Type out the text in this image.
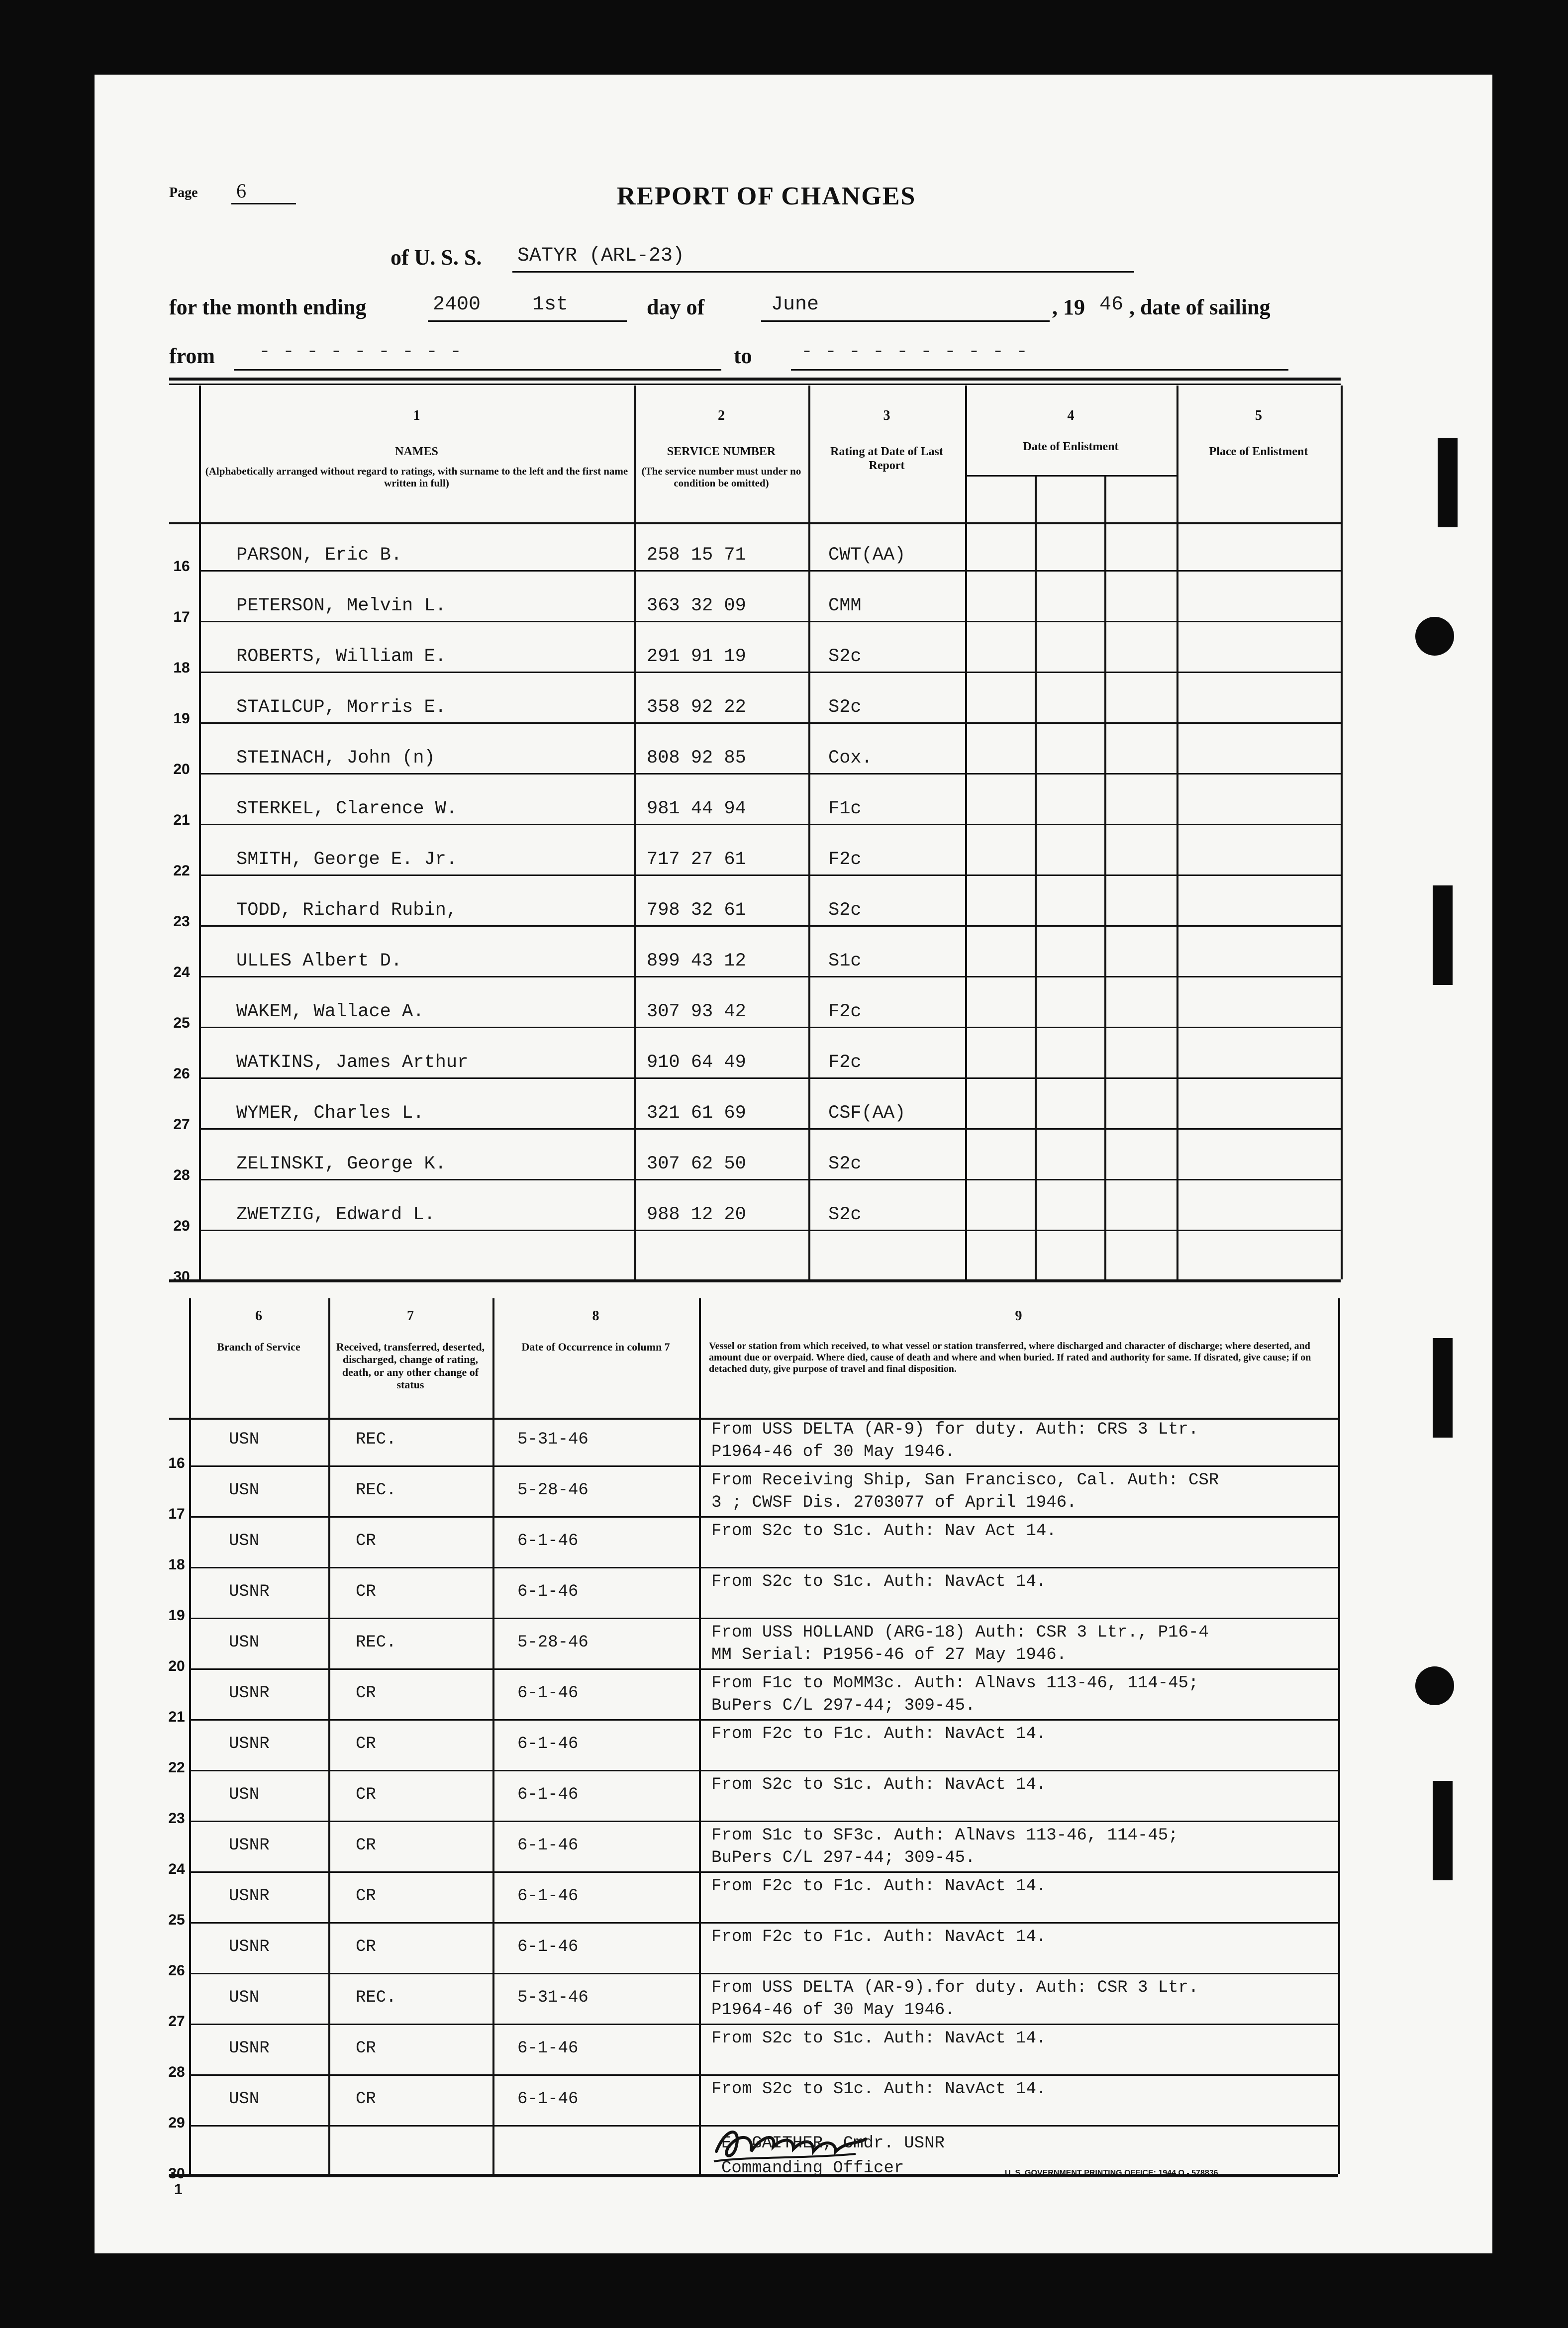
Page 6	REPORT OF CHANGES
of U. S. S. SATYR (ARL-23)
for the month ending	2400	1st	day of	June	, 19 46 , date of sailing
from - - - - - - - - -	to - - - - - - - - - -
1
NAMES
(Alphabetically arranged without regard to ratings, with surname to the left and the first name written in full)
2
SERVICE NUMBER
(The service number must under no condition be omitted)
3
Rating at Date of Last Report
4
Date of Enlistment
5
Place of Enlistment
16
PARSON, Eric B.	258 15 71	CWT(AA)
17
PETERSON, Melvin L.	363 32 09	CMM
18
ROBERTS, William E.	291 91 19	S2c
19
STAILCUP, Morris E.	358 92 22	S2c
20
STEINACH, John (n)	808 92 85	Cox.
21
STERKEL, Clarence W.	981 44 94	F1c
22
SMITH, George E. Jr.	717 27 61	F2c
23
TODD, Richard Rubin,	798 32 61	S2c
24
ULLES Albert D.	899 43 12	S1c
25
WAKEM, Wallace A.	307 93 42	F2c
26
WATKINS, James Arthur	910 64 49	F2c
27
WYMER, Charles L.	321 61 69	CSF(AA)
28
ZELINSKI, George K.	307 62 50	S2c
29
ZWETZIG, Edward L.	988 12 20	S2c
30
6
Branch of Service
7
Received, transferred, deserted, discharged, change of rating, death, or any other change of status
8
Date of Occurrence in column 7
9
Vessel or station from which received, to what vessel or station transferred, where discharged and character of discharge; where deserted, and amount due or overpaid. Where died, cause of death and where and when buried. If rated and authority for same. If disrated, give cause; if on detached duty, give purpose of travel and final disposition.
16
USN	REC.	5-31-46
From USS DELTA (AR-9) for duty. Auth: CRS 3 Ltr.
P1964-46 of 30 May 1946.
17
USN	REC.	5-28-46
From Receiving Ship, San Francisco, Cal. Auth: CSR
3 ; CWSF Dis. 2703077 of April 1946.
18
USN	CR	6-1-46
From S2c to S1c. Auth: Nav Act 14.
19
USNR	CR	6-1-46
From S2c to S1c. Auth: NavAct 14.
20
USN	REC.	5-28-46
From USS HOLLAND (ARG-18) Auth: CSR 3 Ltr., P16-4
MM Serial: P1956-46 of 27 May 1946.
21
USNR	CR	6-1-46
From F1c to MoMM3c. Auth: AlNavs 113-46, 114-45;
BuPers C/L 297-44; 309-45.
22
USNR	CR	6-1-46
From F2c to F1c. Auth: NavAct 14.
23
USN	CR	6-1-46
From S2c to S1c. Auth: NavAct 14.
24
USNR	CR	6-1-46
From S1c to SF3c. Auth: AlNavs 113-46, 114-45;
BuPers C/L 297-44; 309-45.
25
USNR	CR	6-1-46
From F2c to F1c. Auth: NavAct 14.
26
USNR	CR	6-1-46
From F2c to F1c. Auth: NavAct 14.
27
USN	REC.	5-31-46
From USS DELTA (AR-9).for duty. Auth: CSR 3 Ltr.
P1964-46 of 30 May 1946.
28
USNR	CR	6-1-46
From S2c to S1c. Auth: NavAct 14.
29
USN	CR	6-1-46
From S2c to S1c. Auth: NavAct 14.
30
E. GAITHER, Cmdr. USNR
Commanding Officer
1
U. S. GOVERNMENT PRINTING OFFICE: 1944 O - 578836
